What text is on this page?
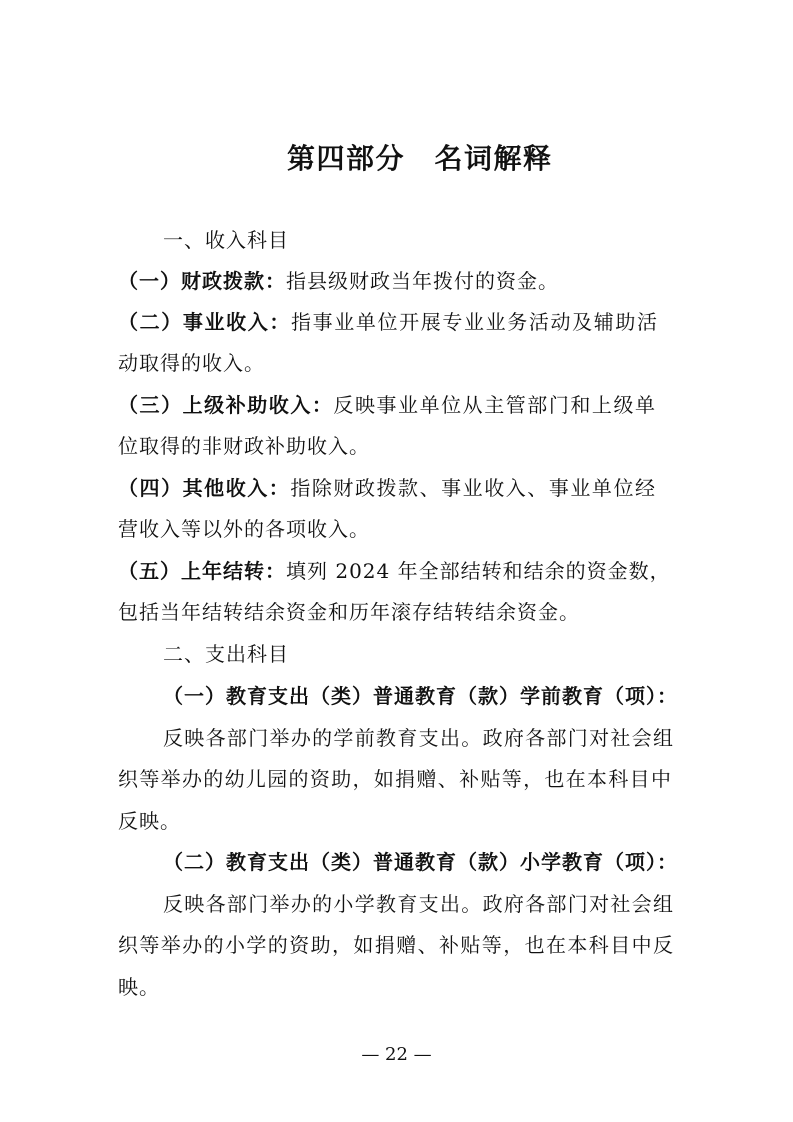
第四部分　名词解释
一、收入科目
（一）财政拨款：指县级财政当年拨付的资金。
（二）事业收入：指事业单位开展专业业务活动及辅助活
动取得的收入。
（三）上级补助收入：反映事业单位从主管部门和上级单
位取得的非财政补助收入。
（四）其他收入：指除财政拨款、事业收入、事业单位经
营收入等以外的各项收入。
（五）上年结转：填列 2024 年全部结转和结余的资金数，
包括当年结转结余资金和历年滚存结转结余资金。
二、支出科目
（一）教育支出（类）普通教育（款）学前教育（项）：
反映各部门举办的学前教育支出。政府各部门对社会组
织等举办的幼儿园的资助，如捐赠、补贴等，也在本科目中
反映。
（二）教育支出（类）普通教育（款）小学教育（项）：
反映各部门举办的小学教育支出。政府各部门对社会组
织等举办的小学的资助，如捐赠、补贴等，也在本科目中反
映。
— 22 —
